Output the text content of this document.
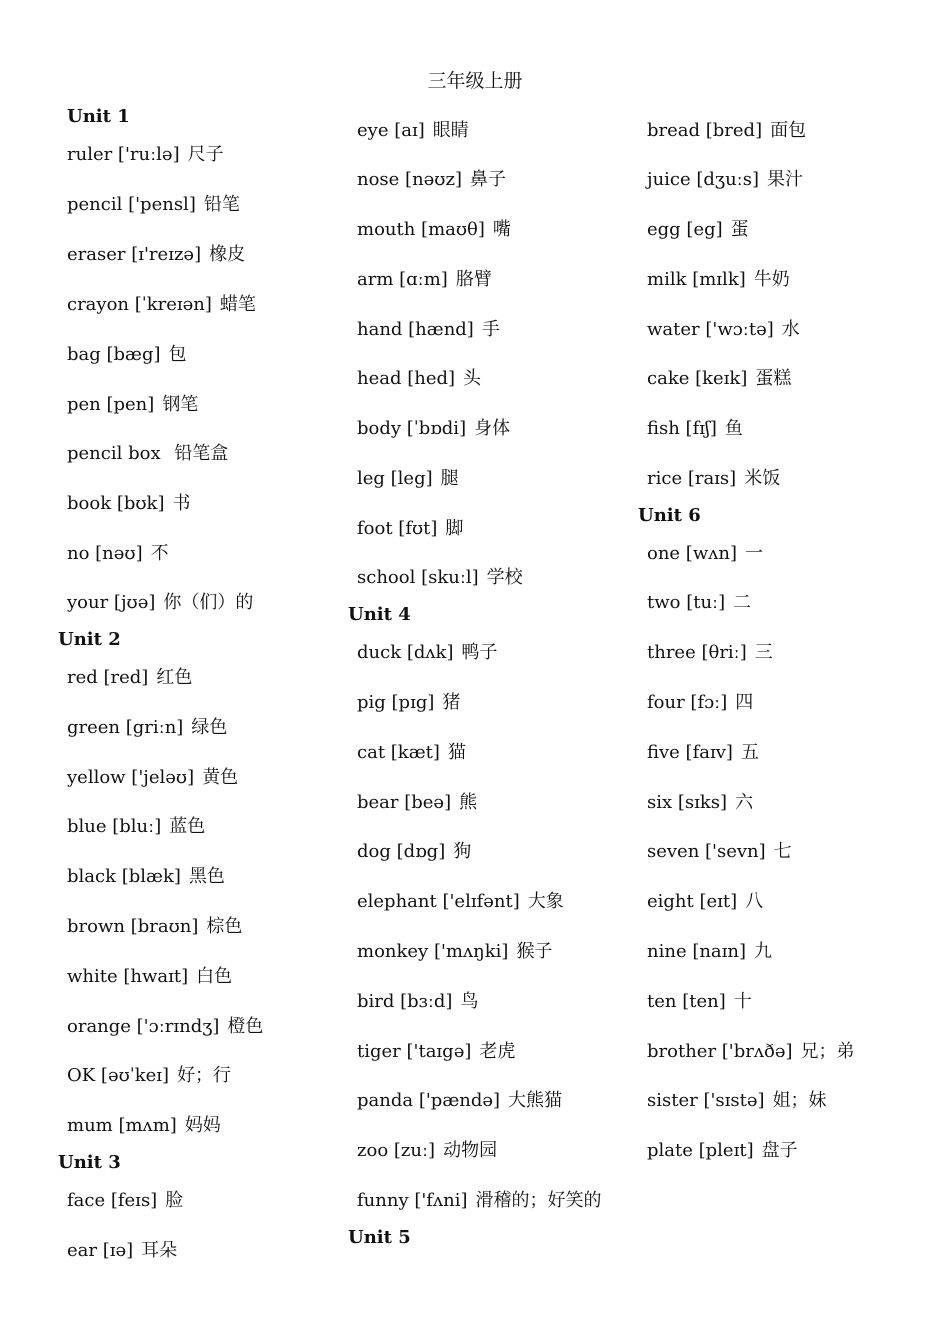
三年级上册
Unit 1
ruler ['ruːlə] 尺子
pencil ['pensl] 铅笔
eraser [ɪ'reɪzə] 橡皮
crayon [ˈkreɪən] 蜡笔
bag [bæg] 包
pen [pen] 钢笔
pencil box 铅笔盒
book [bʊk] 书
no [nəʊ] 不
your [jʊə] 你（们）的
Unit 2
red [red] 红色
green [griːn] 绿色
yellow ['jeləʊ] 黄色
blue [bluː] 蓝色
black [blæk] 黑色
brown [braʊn] 棕色
white [hwaɪt] 白色
orange ['ɔːrɪndʒ] 橙色
OK [əʊˈkeɪ] 好；行
mum [mʌm] 妈妈
Unit 3
face [feɪs] 脸
ear [ɪə] 耳朵
eye [aɪ] 眼睛
nose [nəʊz] 鼻子
mouth [maʊθ] 嘴
arm [ɑːm] 胳臂
hand [hænd] 手
head [hed] 头
body [ˈbɒdi] 身体
leg [leg] 腿
foot [fʊt] 脚
school [skuːl] 学校
Unit 4
duck [dʌk] 鸭子
pig [pɪg] 猪
cat [kæt] 猫
bear [beə] 熊
dog [dɒg] 狗
elephant ['elɪfənt] 大象
monkey ['mʌŋki] 猴子
bird [bɜːd] 鸟
tiger ['taɪgə] 老虎
panda ['pændə] 大熊猫
zoo [zuː] 动物园
funny ['fʌni] 滑稽的；好笑的
Unit 5
bread [bred] 面包
juice [dʒuːs] 果汁
egg [eg] 蛋
milk [mɪlk] 牛奶
water ['wɔːtə] 水
cake [keɪk] 蛋糕
fish [fɪʃ] 鱼
rice [raɪs] 米饭
Unit 6
one [wʌn] 一
two [tuː] 二
three [θriː] 三
four [fɔː] 四
five [faɪv] 五
six [sɪks] 六
seven ['sevn] 七
eight [eɪt] 八
nine [naɪn] 九
ten [ten] 十
brother ['brʌðə] 兄；弟
sister ['sɪstə] 姐；妹
plate [pleɪt] 盘子
